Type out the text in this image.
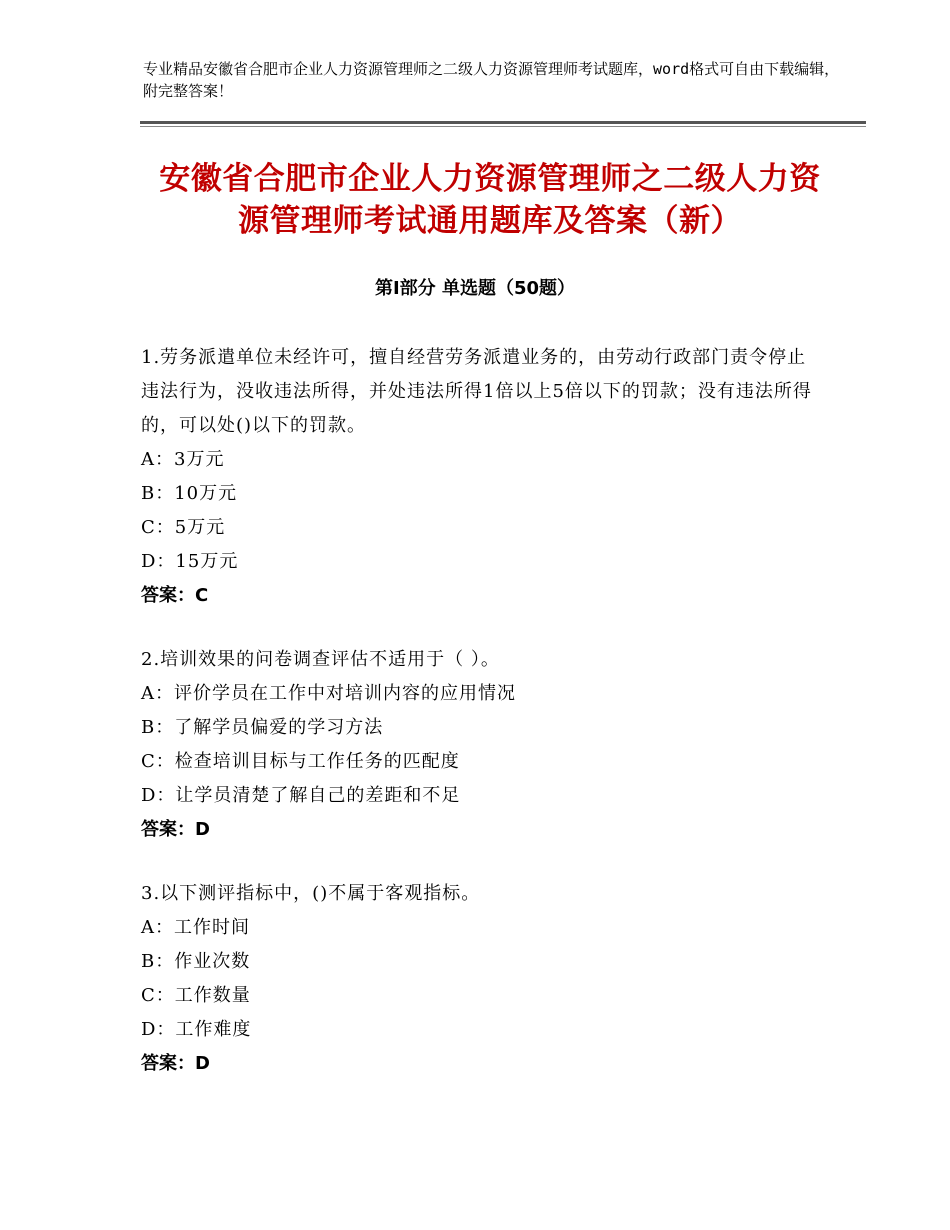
专业精品安徽省合肥市企业人力资源管理师之二级人力资源管理师考试题库，word格式可自由下载编辑，附完整答案！
安徽省合肥市企业人力资源管理师之二级人力资源管理师考试通用题库及答案（新）
第Ⅰ部分 单选题（50题）
1.劳务派遣单位未经许可，擅自经营劳务派遣业务的，由劳动行政部门责令停止违法行为，没收违法所得，并处违法所得1倍以上5倍以下的罚款；没有违法所得的，可以处()以下的罚款。
A：3万元
B：10万元
C：5万元
D：15万元
答案：C
2.培训效果的问卷调查评估不适用于（ ）。
A：评价学员在工作中对培训内容的应用情况
B：了解学员偏爱的学习方法
C：检查培训目标与工作任务的匹配度
D：让学员清楚了解自己的差距和不足
答案：D
3.以下测评指标中，()不属于客观指标。
A：工作时间
B：作业次数
C：工作数量
D：工作难度
答案：D
